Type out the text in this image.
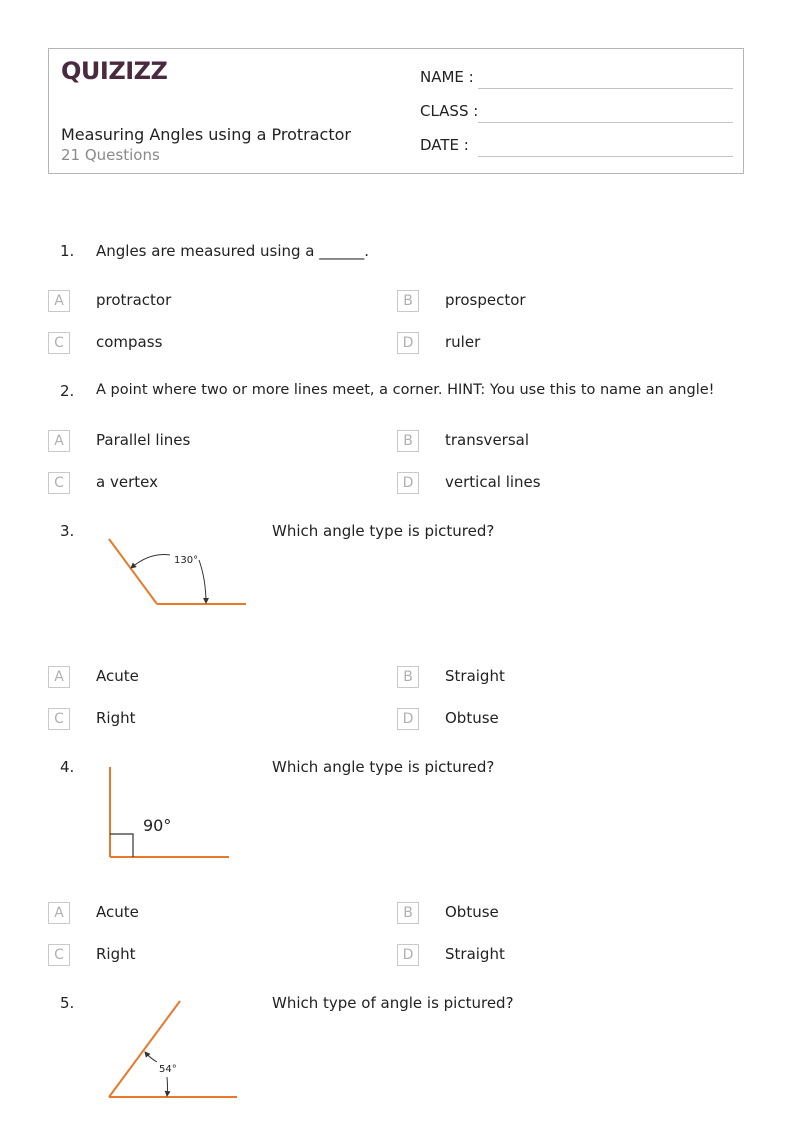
QUIZIZZ
Measuring Angles using a Protractor
21 Questions
NAME :
CLASS :
DATE :
1. Angles are measured using a ______.
A	protractor	B	prospector
C	compass	D	ruler
2. A point where two or more lines meet, a corner. HINT: You use this to name an angle!
A	Parallel lines	B	transversal
C	a vertex	D	vertical lines
3.
130°
Which angle type is pictured?
A	Acute	B	Straight
C	Right	D	Obtuse
4.
90°
Which angle type is pictured?
A	Acute	B	Obtuse
C	Right	D	Straight
5.
54°
Which type of angle is pictured?
